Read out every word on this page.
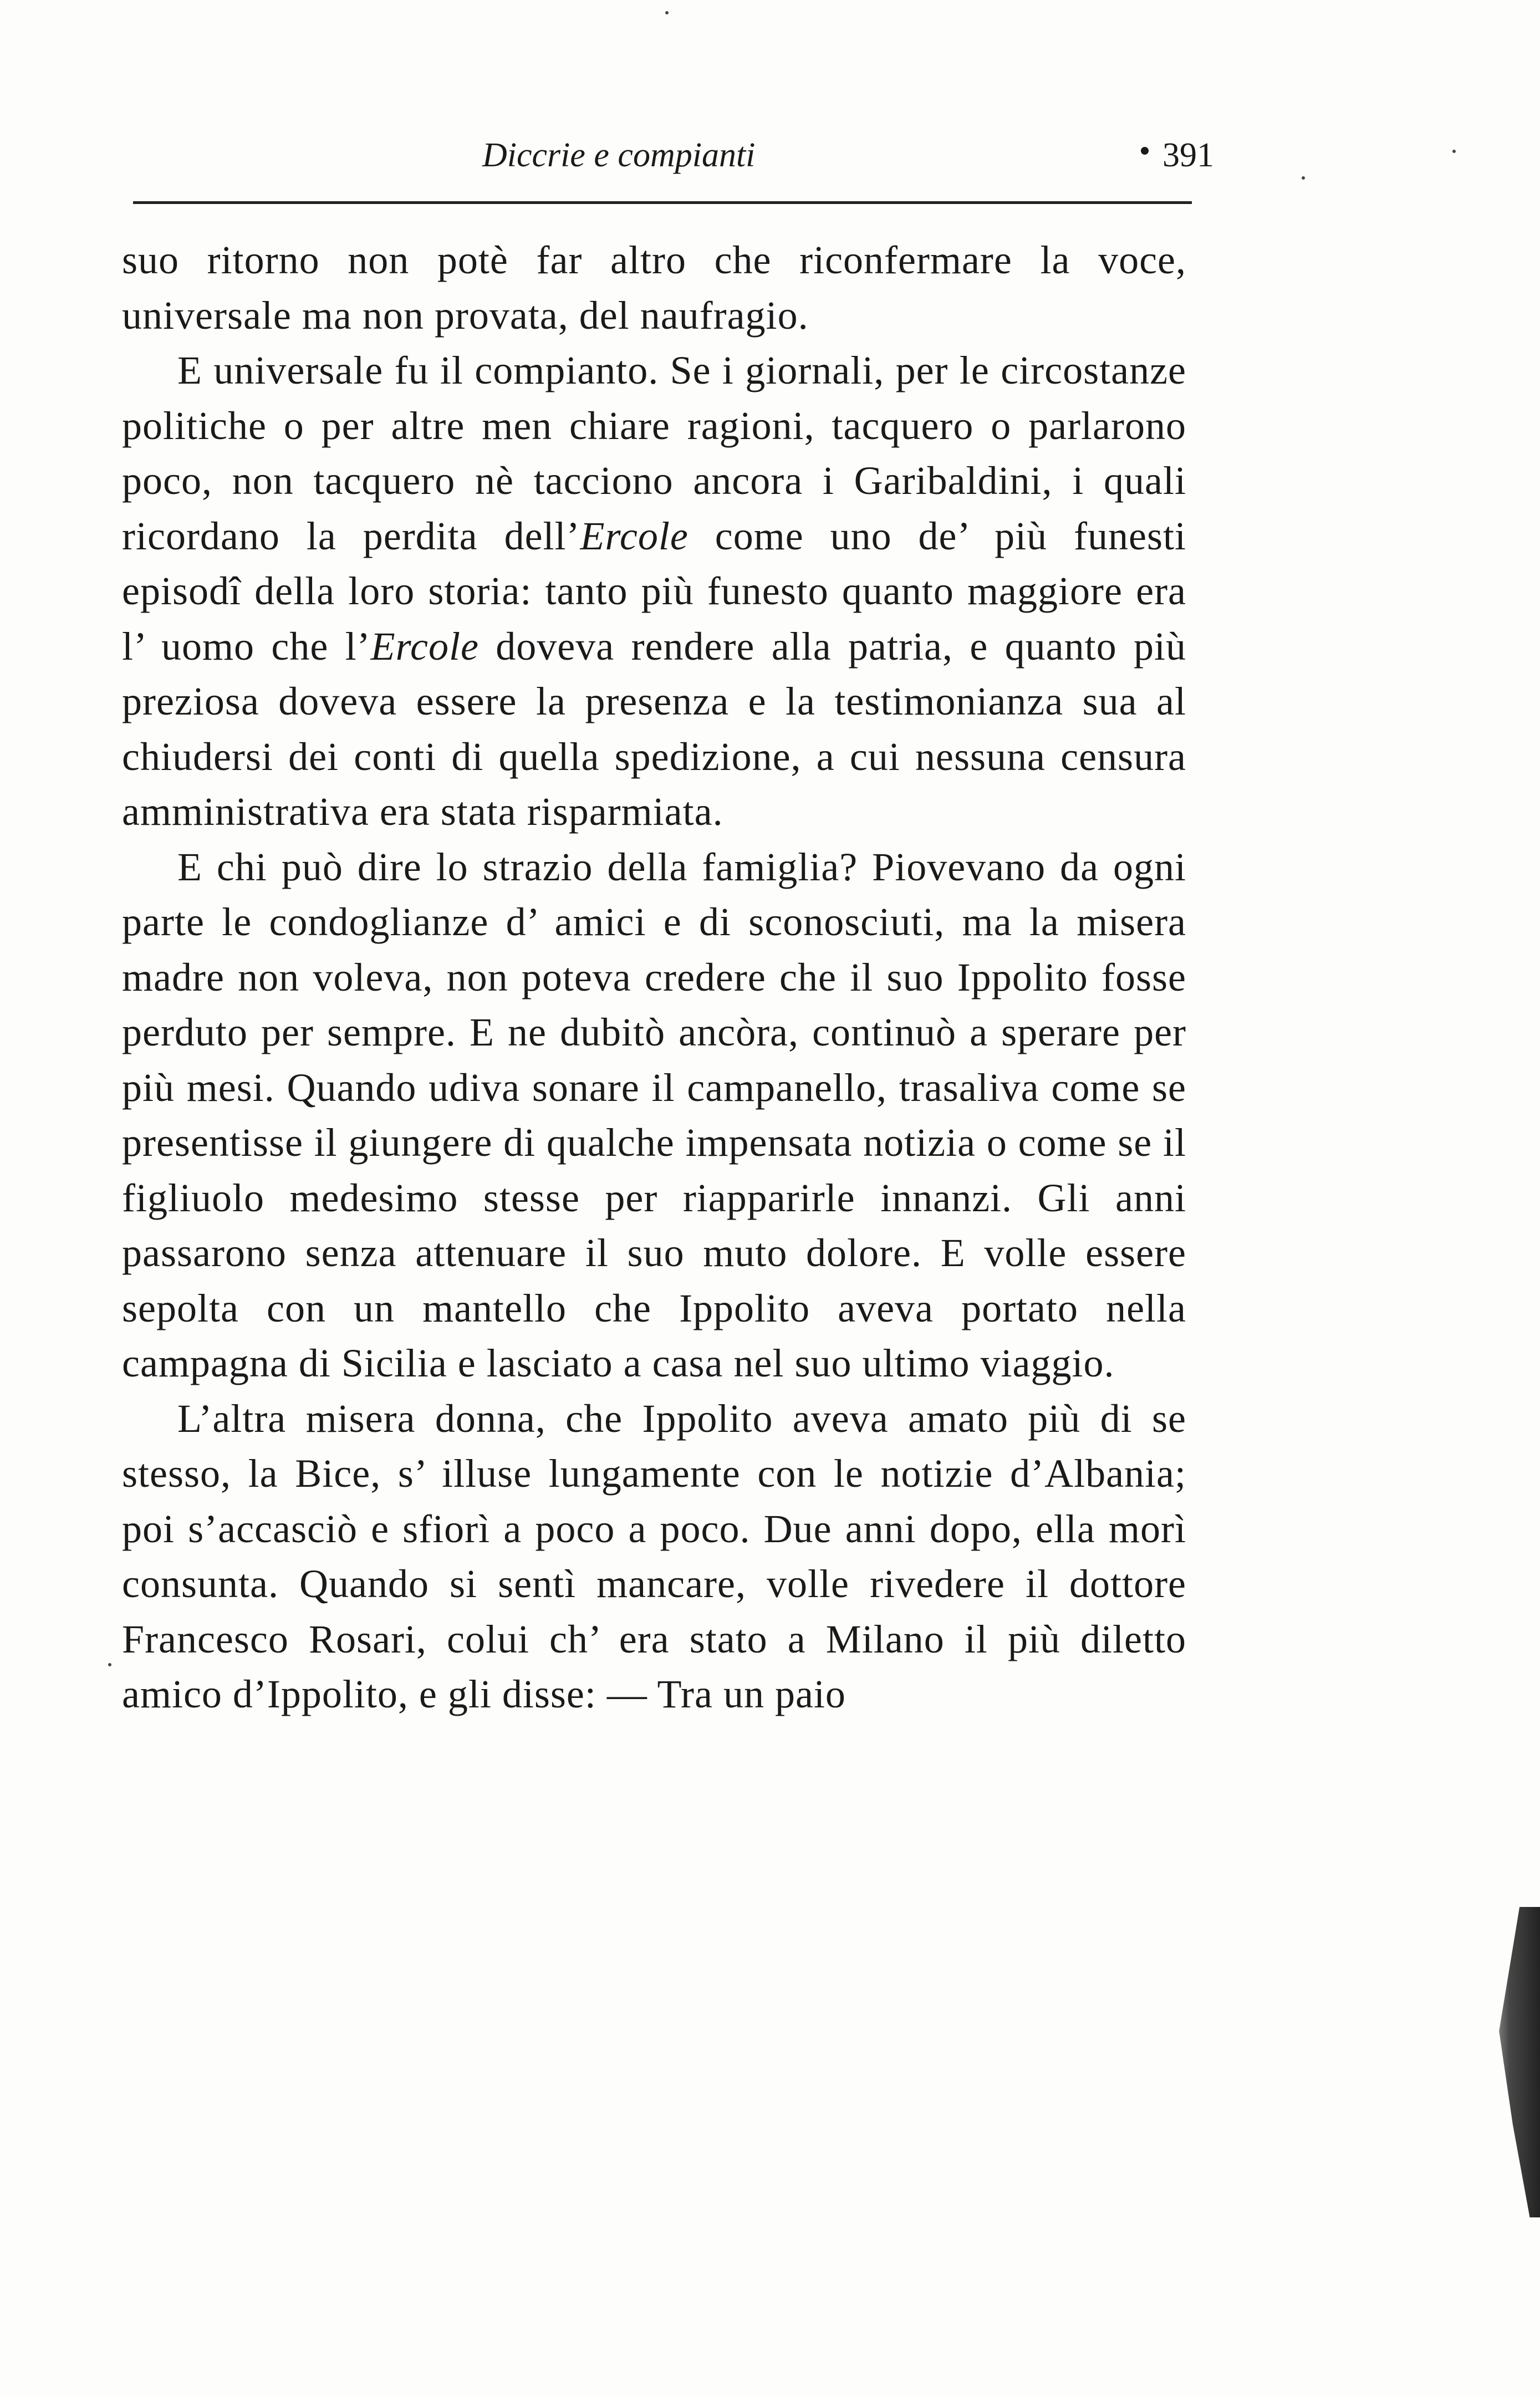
Diccrie e compianti	391

suo ritorno non potè far altro che riconfermare la voce, universale ma non provata, del naufragio.

E universale fu il compianto. Se i giornali, per le circostanze politiche o per altre men chiare ragioni, tacquero o parlarono poco, non tacquero nè tacciono ancora i Garibaldini, i quali ricordano la perdita dell’Ercole come uno de’ più funesti episodî della loro storia: tanto più funesto quanto maggiore era l’ uomo che l’Ercole doveva rendere alla patria, e quanto più preziosa doveva essere la presenza e la testimonianza sua al chiudersi dei conti di quella spedizione, a cui nessuna censura amministrativa era stata risparmiata.

E chi può dire lo strazio della famiglia? Piovevano da ogni parte le condoglianze d’ amici e di sconosciuti, ma la misera madre non voleva, non poteva credere che il suo Ippolito fosse perduto per sempre. E ne dubitò ancòra, continuò a sperare per più mesi. Quando udiva sonare il campanello, trasaliva come se presentisse il giungere di qualche impensata notizia o come se il figliuolo medesimo stesse per riapparirle innanzi. Gli anni passarono senza attenuare il suo muto dolore. E volle essere sepolta con un mantello che Ippolito aveva portato nella campagna di Sicilia e lasciato a casa nel suo ultimo viaggio.

L’altra misera donna, che Ippolito aveva amato più di se stesso, la Bice, s’ illuse lungamente con le notizie d’Albania; poi s’accasciò e sfiorì a poco a poco. Due anni dopo, ella morì consunta. Quando si sentì mancare, volle rivedere il dottore Francesco Rosari, colui ch’ era stato a Milano il più diletto amico d’Ippolito, e gli disse: — Tra un paio
